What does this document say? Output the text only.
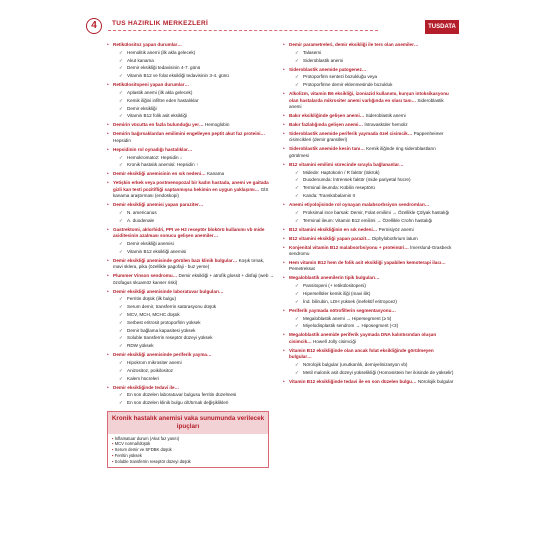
4	TUS HAZIRLIK MERKEZLERİ	TUSDATA
• Retikülositoz yapan durumlar…
✓ Hemolitik anemi (ilk akla gelecek)
✓ Akut kanama
✓ Demir eksikliği tedavisinin 4-7. günü
✓ Vitamin B12 ve folat eksikliği tedavisinin 3-4. günü
• Retikülositopeni yapan durumlar…
✓ Aplastik anemi (ilk akla gelecek)
✓ Kemik iliğini infiltre eden hastalıklar
✓ Demir eksikliği
✓ Vitamin B12 folik asit eksikliği
• Demirin vücutta en fazla bulunduğu yer… Hemoglobin
• Demirin bağırsaklardan emilimini engelleyen peptit akut faz proteini… Hepsidin
• Hepsidinin rol oynadığı hastalıklar…
✓ Hemokromatoz: Hepsidin ↓
✓ Kronik hastalık anemisi: Hepsidin ↑
• Demir eksikliği anemisinin en sık nedeni… Kanama
• Yetişkin erkek veya postmenopozal bir kadın hastada, anemi ve gaitada gizli kan testi pozitifliği saptanmışsa hekimin en uygun yaklaşımı… GİS kanama araştırması (endoskopi)
• Demir eksikliği anemisi yapan paraziter…
✓ N. americanus
✓ A. duodenale
• Gastrektomi, aklorhidri, PPI ve H2 reseptör blokörü kullanımı vb mide asiditesinin azalması sonucu gelişen anemiler…
✓ Demir eksikliği anemisi
✓ Vitamin B12 eksikliği anemisi
• Demir eksikliği anemisinde görülen bazı klinik bulgular… Koşık tırnak, mavi sklera, pika (özellikle pagofaji - buz yeme)
• Plummer Vinson sendromu… Demir eksikliği + atrofik glossit + disfaji (web → özofagus skuamöz kanser riski)
• Demir eksikliği anemisinde laboratuvar bulguları…
✓ Ferritin düşük (ilk bulgu)
✓ Serum demir, transferrin satürasyonu düşük
✓ MCV, MCH, MCHC düşük
✓ Serbest eritrosit protoporfirin yüksek
✓ Demir bağlama kapasitesi yüksek
✓ Soluble transferrin reseptör düzeyi yüksek
✓ RDW yüksek
• Demir eksikliği anemisinde periferik yayma…
✓ Hipokrom mikrositer anemi
✓ Anizositoz, poikilositoz
✓ Kalem hücreleri
• Demir eksikliğinde tedavi ile…
✓ En son düzelen laboratuvar bulgusu ferritin düzelmesi
✓ En son düzelen klinik bulgu cilt/tırnak değişiklikleri
Kronik hastalık anemisi vaka sunumunda verilecek ipuçları
▪ İnflamatuar durum (Akut faz yanıtı)
▪ MCV normal/düşük
▪ Serum demir ve SFDBK düşük
▪ Ferritin yüksek
▪ Soluble transferrin reseptör düzeyi düşük
• Demir parametreleri, demir eksikliği ile ters olan anemiler…
✓ Talasemi
✓ Sideroblastik anemi
• Sideroblastik anemide patogenez…
✓ Protoporfirin sentezi bozukluğu veya
✓ Protoporfirine demir eklenmesinde bozukluk
• Alkolizm, vitamin B6 eksikliği, izoniazid kullanımı, kurşun intoksikasyonu olan hastalarda mikrositer anemi varlığında en olası tanı… Sideroblastik anemi
• Bakır eksikliğinde gelişen anemi… Sideroblastik anemi
• Bakır fazlalığında gelişen anemi… İntravasküler hemoliz
• Sideroblastik anemide periferik yaymada özel cisimcik… Pappenheimer cisimcikleri (demir granülleri)
• Sideroblastik anemide kesin tanı… Kemik iliğinde ring sideroblastların görülmesi
• B12 vitamini emilimi sürecinde sırayla bağlananlar…
✓ Midede: Haptokorin / R faktör (tükrük)
✓ Duodenumda: İntrensek faktör (mide pariyetal hücre)
✓ Terminal ileumda: Kübilin reseptörü
✓ Kanda: Transkobalamin II
• Anemi etiyolojisinde rol oynayan malabsorbsiyon sendromları…
✓ Proksimal ince barsak: Demir, Folat emilimi → Özellikle Çölyak hastalığı
✓ Terminal ileum: Vitamin B12 emilimi → Özellikle Crohn hastalığı
• B12 vitamini eksikliğinin en sık nedeni… Pernisiyöz anemi
• B12 vitamini eksikliği yapan parazit… Diphylobothrium latum
• Konjenital vitamin B12 malabsorbsiyonu + proteinüri… İmerslund-Grasbeck sendromu
• Hem vitamin B12 hem de folik asit eksikliği yapabilen kemoterapi ilacı… Pemetreksat
• Megaloblastik anemilerin tipik bulguları…
✓ Pansitopeni (+ retikülositopeni)
✓ Hipersellüler kemik iliği (mavi ilik)
✓ İnd. bilirubin, LDH yüksek (inefektif eritropoez)
• Periferik yaymada nötrofillerin segmentasyonu…
✓ Megaloblastik anemi → Hipersegment (≥ 5)
✓ Miyelodisplastik sendrom → Hiposegment (<3)
• Megaloblastik anemide periferik yaymada DNA kalıntısından oluşan cisimcik… Howell Jolly cisimciği
• Vitamin B12 eksikliğinde olan ancak folat eksikliğinde görülmeyen bulgular…
✓ Nörolojik bulgular (unutkanlık, demiyelinizasyon vb)
✓ Metil malonik asit düzeyi yükselikliği (Homosistein her ikisinde de yükselir)
• Vitamin B12 eksikliğinde tedavi ile en son düzelen bulgu… Nörolojik bulgular
